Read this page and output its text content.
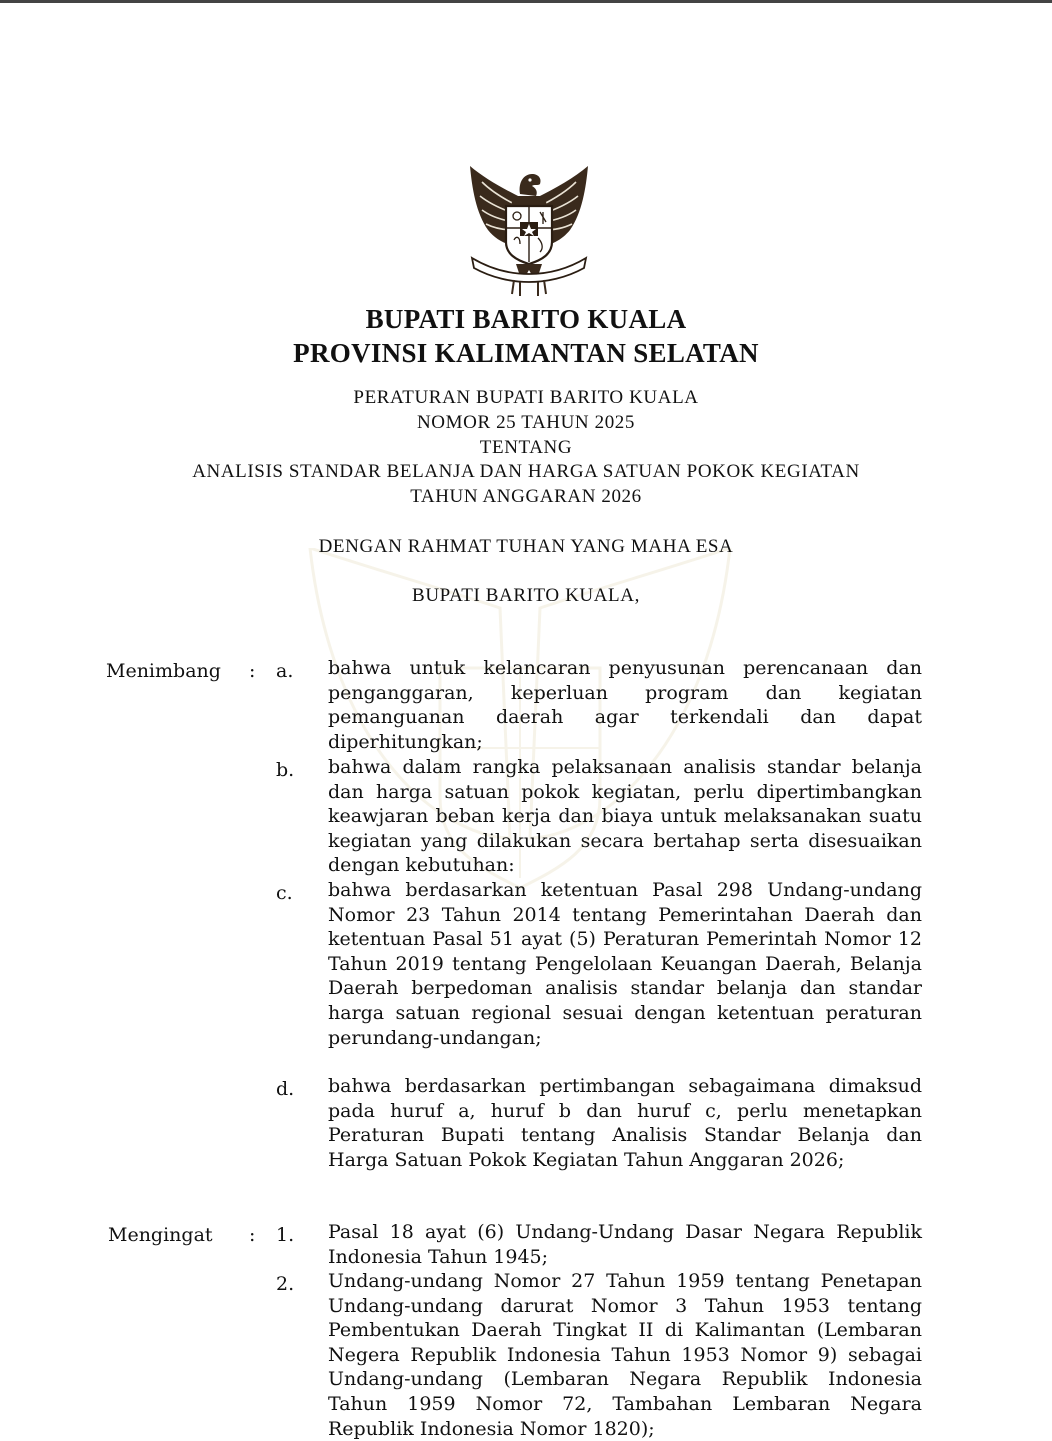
BUPATI BARITO KUALA
PROVINSI KALIMANTAN SELATAN
PERATURAN BUPATI BARITO KUALA
NOMOR 25 TAHUN 2025
TENTANG
ANALISIS STANDAR BELANJA DAN HARGA SATUAN POKOK KEGIATAN
TAHUN ANGGARAN 2026
DENGAN RAHMAT TUHAN YANG MAHA ESA
BUPATI BARITO KUALA,
Menimbang : a. bahwa untuk kelancaran penyusunan perencanaan dan penganggaran, keperluan program dan kegiatan pemanguanan daerah agar terkendali dan dapat diperhitungkan;
b. bahwa dalam rangka pelaksanaan analisis standar belanja dan harga satuan pokok kegiatan, perlu dipertimbangkan keawjaran beban kerja dan biaya untuk melaksanakan suatu kegiatan yang dilakukan secara bertahap serta disesuaikan dengan kebutuhan:
c. bahwa berdasarkan ketentuan Pasal 298 Undang-undang Nomor 23 Tahun 2014 tentang Pemerintahan Daerah dan ketentuan Pasal 51 ayat (5) Peraturan Pemerintah Nomor 12 Tahun 2019 tentang Pengelolaan Keuangan Daerah, Belanja Daerah berpedoman analisis standar belanja dan standar harga satuan regional sesuai dengan ketentuan peraturan perundang-undangan;
d. bahwa berdasarkan pertimbangan sebagaimana dimaksud pada huruf a, huruf b dan huruf c, perlu menetapkan Peraturan Bupati tentang Analisis Standar Belanja dan Harga Satuan Pokok Kegiatan Tahun Anggaran 2026;
Mengingat : 1. Pasal 18 ayat (6) Undang-Undang Dasar Negara Republik Indonesia Tahun 1945;
2. Undang-undang Nomor 27 Tahun 1959 tentang Penetapan Undang-undang darurat Nomor 3 Tahun 1953 tentang Pembentukan Daerah Tingkat II di Kalimantan (Lembaran Negera Republik Indonesia Tahun 1953 Nomor 9) sebagai Undang-undang (Lembaran Negara Republik Indonesia Tahun 1959 Nomor 72, Tambahan Lembaran Negara Republik Indonesia Nomor 1820);
